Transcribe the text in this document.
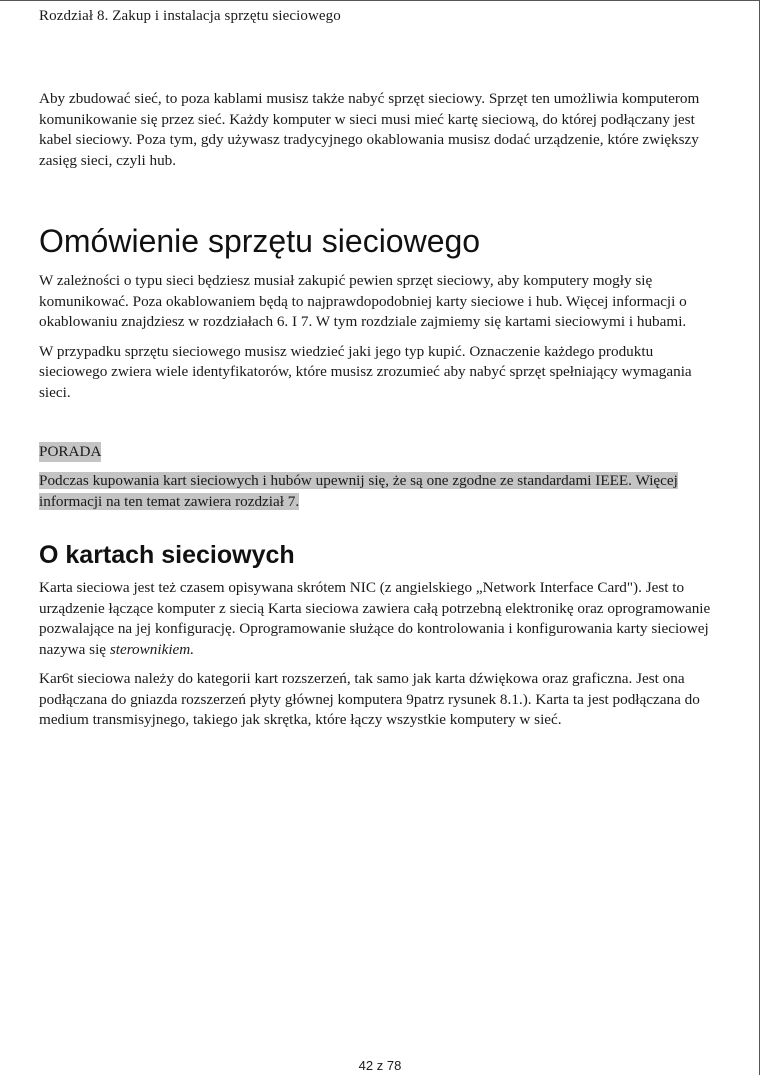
Rozdział 8. Zakup i instalacja sprzętu sieciowego

Aby zbudować sieć, to poza kablami musisz także nabyć sprzęt sieciowy. Sprzęt ten umożliwia komputerom komunikowanie się przez sieć. Każdy komputer w sieci musi mieć kartę sieciową, do której podłączany jest kabel sieciowy. Poza tym, gdy używasz tradycyjnego okablowania musisz dodać urządzenie, które zwiększy zasięg sieci, czyli hub.

Omówienie sprzętu sieciowego

W zależności o typu sieci będziesz musiał zakupić pewien sprzęt sieciowy, aby komputery mogły się komunikować. Poza okablowaniem będą to najprawdopodobniej karty sieciowe i hub. Więcej informacji o okablowaniu znajdziesz w rozdziałach 6. I 7. W tym rozdziale zajmiemy się kartami sieciowymi i hubami.

W przypadku sprzętu sieciowego musisz wiedzieć jaki jego typ kupić. Oznaczenie każdego produktu sieciowego zwiera wiele identyfikatorów, które musisz zrozumieć aby nabyć sprzęt spełniający wymagania sieci.

PORADA
Podczas kupowania kart sieciowych i hubów upewnij się, że są one zgodne ze standardami IEEE. Więcej informacji na ten temat zawiera rozdział 7.
O kartach sieciowych

Karta sieciowa jest też czasem opisywana skrótem NIC (z angielskiego „Network Interface Card"). Jest to urządzenie łączące komputer z siecią Karta sieciowa zawiera całą potrzebną elektronikę oraz oprogramowanie pozwalające na jej konfigurację. Oprogramowanie służące do kontrolowania i konfigurowania karty sieciowej nazywa się sterownikiem.

Kar6t sieciowa należy do kategorii kart rozszerzeń, tak samo jak karta dźwiękowa oraz graficzna. Jest ona podłączana do gniazda rozszerzeń płyty głównej komputera 9patrz rysunek 8.1.). Karta ta jest podłączana do medium transmisyjnego, takiego jak skrętka, które łączy wszystkie komputery w sieć.

42 z 78
